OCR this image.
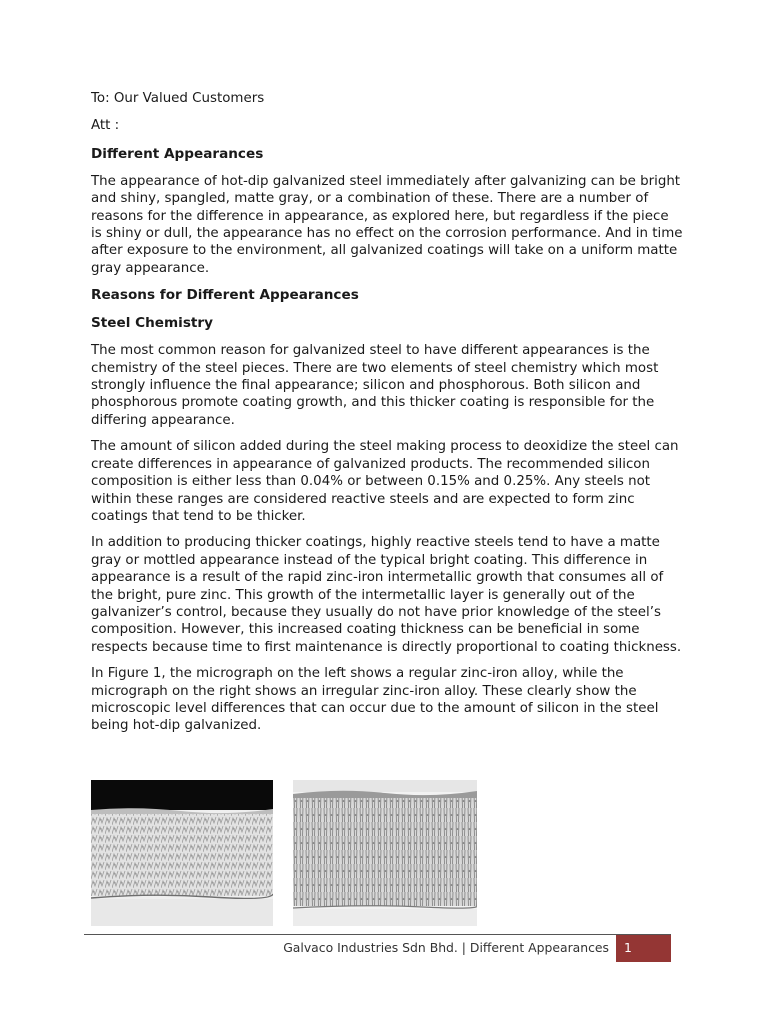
To: Our Valued Customers

Att :

Different Appearances

The appearance of hot-dip galvanized steel immediately after galvanizing can be bright and shiny, spangled, matte gray, or a combination of these. There are a number of reasons for the difference in appearance, as explored here, but regardless if the piece is shiny or dull, the appearance has no effect on the corrosion performance. And in time after exposure to the environment, all galvanized coatings will take on a uniform matte gray appearance.

Reasons for Different Appearances
Steel Chemistry

The most common reason for galvanized steel to have different appearances is the chemistry of the steel pieces. There are two elements of steel chemistry which most strongly influence the final appearance; silicon and phosphorous. Both silicon and phosphorous promote coating growth, and this thicker coating is responsible for the differing appearance.

The amount of silicon added during the steel making process to deoxidize the steel can create differences in appearance of galvanized products. The recommended silicon composition is either less than 0.04% or between 0.15% and 0.25%. Any steels not within these ranges are considered reactive steels and are expected to form zinc coatings that tend to be thicker.

In addition to producing thicker coatings, highly reactive steels tend to have a matte gray or mottled appearance instead of the typical bright coating. This difference in appearance is a result of the rapid zinc-iron intermetallic growth that consumes all of the bright, pure zinc. This growth of the intermetallic layer is generally out of the galvanizer’s control, because they usually do not have prior knowledge of the steel’s composition. However, this increased coating thickness can be beneficial in some respects because time to first maintenance is directly proportional to coating thickness.

In Figure 1, the micrograph on the left shows a regular zinc-iron alloy, while the micrograph on the right shows an irregular zinc-iron alloy. These clearly show the microscopic level differences that can occur due to the amount of silicon in the steel being hot-dip galvanized.

Galvaco Industries Sdn Bhd. | Different Appearances 1
